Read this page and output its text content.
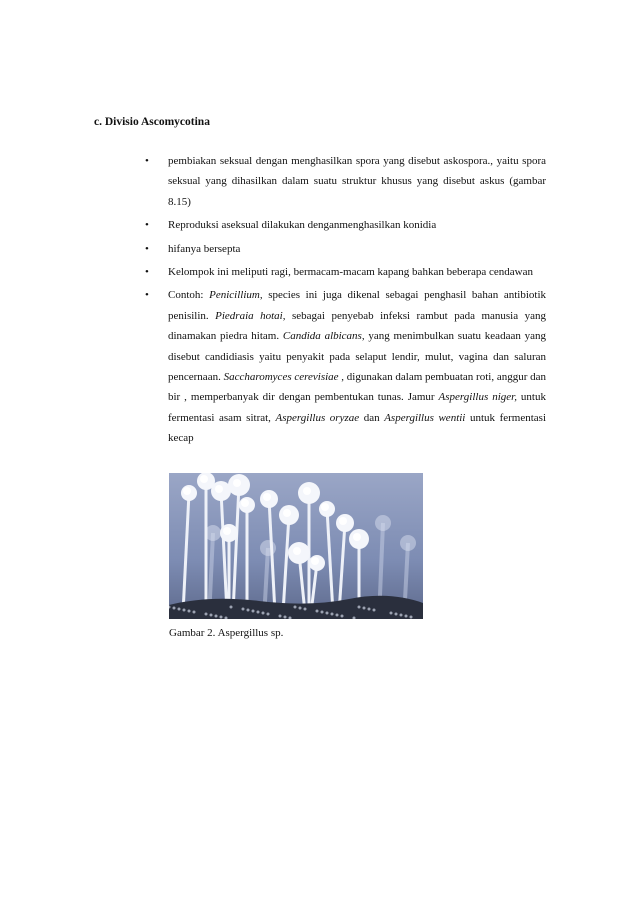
c. Divisio Ascomycotina

• pembiakan seksual dengan menghasilkan spora yang disebut askospora., yaitu spora seksual yang dihasilkan dalam suatu struktur khusus yang disebut askus (gambar 8.15)
• Reproduksi aseksual dilakukan denganmenghasilkan konidia
• hifanya bersepta
• Kelompok ini meliputi ragi, bermacam-macam kapang bahkan beberapa cendawan
• Contoh: Penicillium, species ini juga dikenal sebagai penghasil bahan antibiotik penisilin. Piedraia hotai, sebagai penyebab infeksi rambut pada manusia yang dinamakan piedra hitam. Candida albicans, yang menimbulkan suatu keadaan yang disebut candidiasis yaitu penyakit pada selaput lendir, mulut, vagina dan saluran pencernaan. Saccharomyces cerevisiae , digunakan dalam pembuatan roti, anggur dan bir , memperbanyak dir dengan pembentukan tunas. Jamur Aspergillus niger, untuk fermentasi asam sitrat, Aspergillus oryzae dan Aspergillus wentii untuk fermentasi kecap

Gambar 2. Aspergillus sp.
